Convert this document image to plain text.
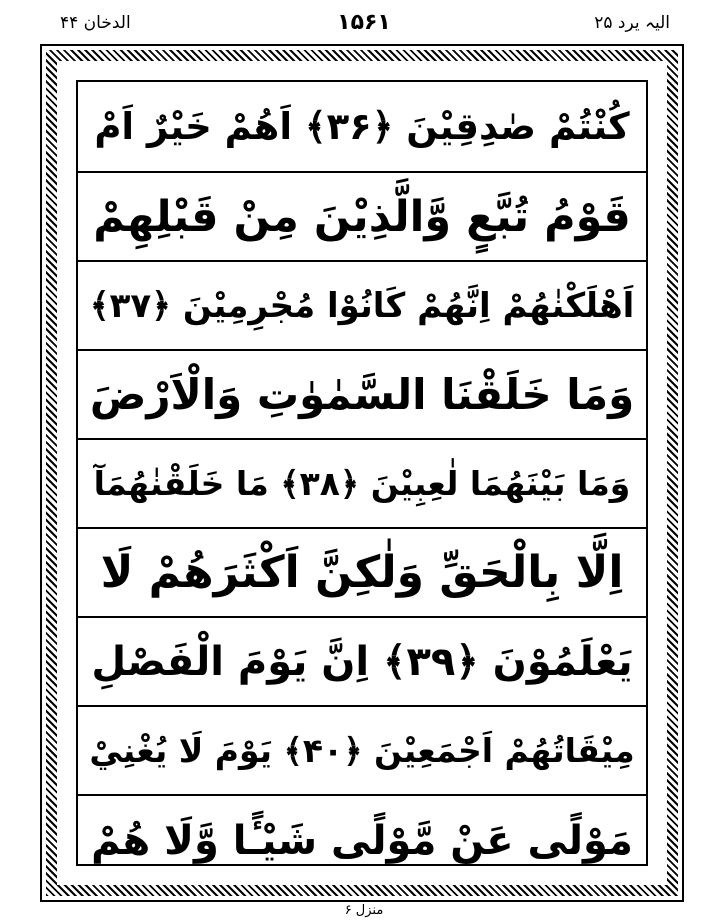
الدخان ۴۴	۱۵۶۱	الیہ یرد ۲۵
كُنْتُمْ صٰدِقِيْنَ ﴿۳۶﴾ اَهُمْ خَيْرٌ اَمْ
قَوْمُ تُبَّعٍ وَّالَّذِيْنَ مِنْ قَبْلِهِمْ
اَهْلَكْنٰهُمْ اِنَّهُمْ كَانُوْا مُجْرِمِيْنَ ﴿۳۷﴾
وَمَا خَلَقْنَا السَّمٰوٰتِ وَالْاَرْضَ
وَمَا بَيْنَهُمَا لٰعِبِيْنَ ﴿۳۸﴾ مَا خَلَقْنٰهُمَآ
اِلَّا بِالْحَقِّ وَلٰكِنَّ اَكْثَرَهُمْ لَا
يَعْلَمُوْنَ ﴿۳۹﴾ اِنَّ يَوْمَ الْفَصْلِ
مِيْقَاتُهُمْ اَجْمَعِيْنَ ﴿۴۰﴾ يَوْمَ لَا يُغْنِيْ
مَوْلًى عَنْ مَّوْلًى شَيْـًٔا وَّلَا هُمْ
منزل ۶
